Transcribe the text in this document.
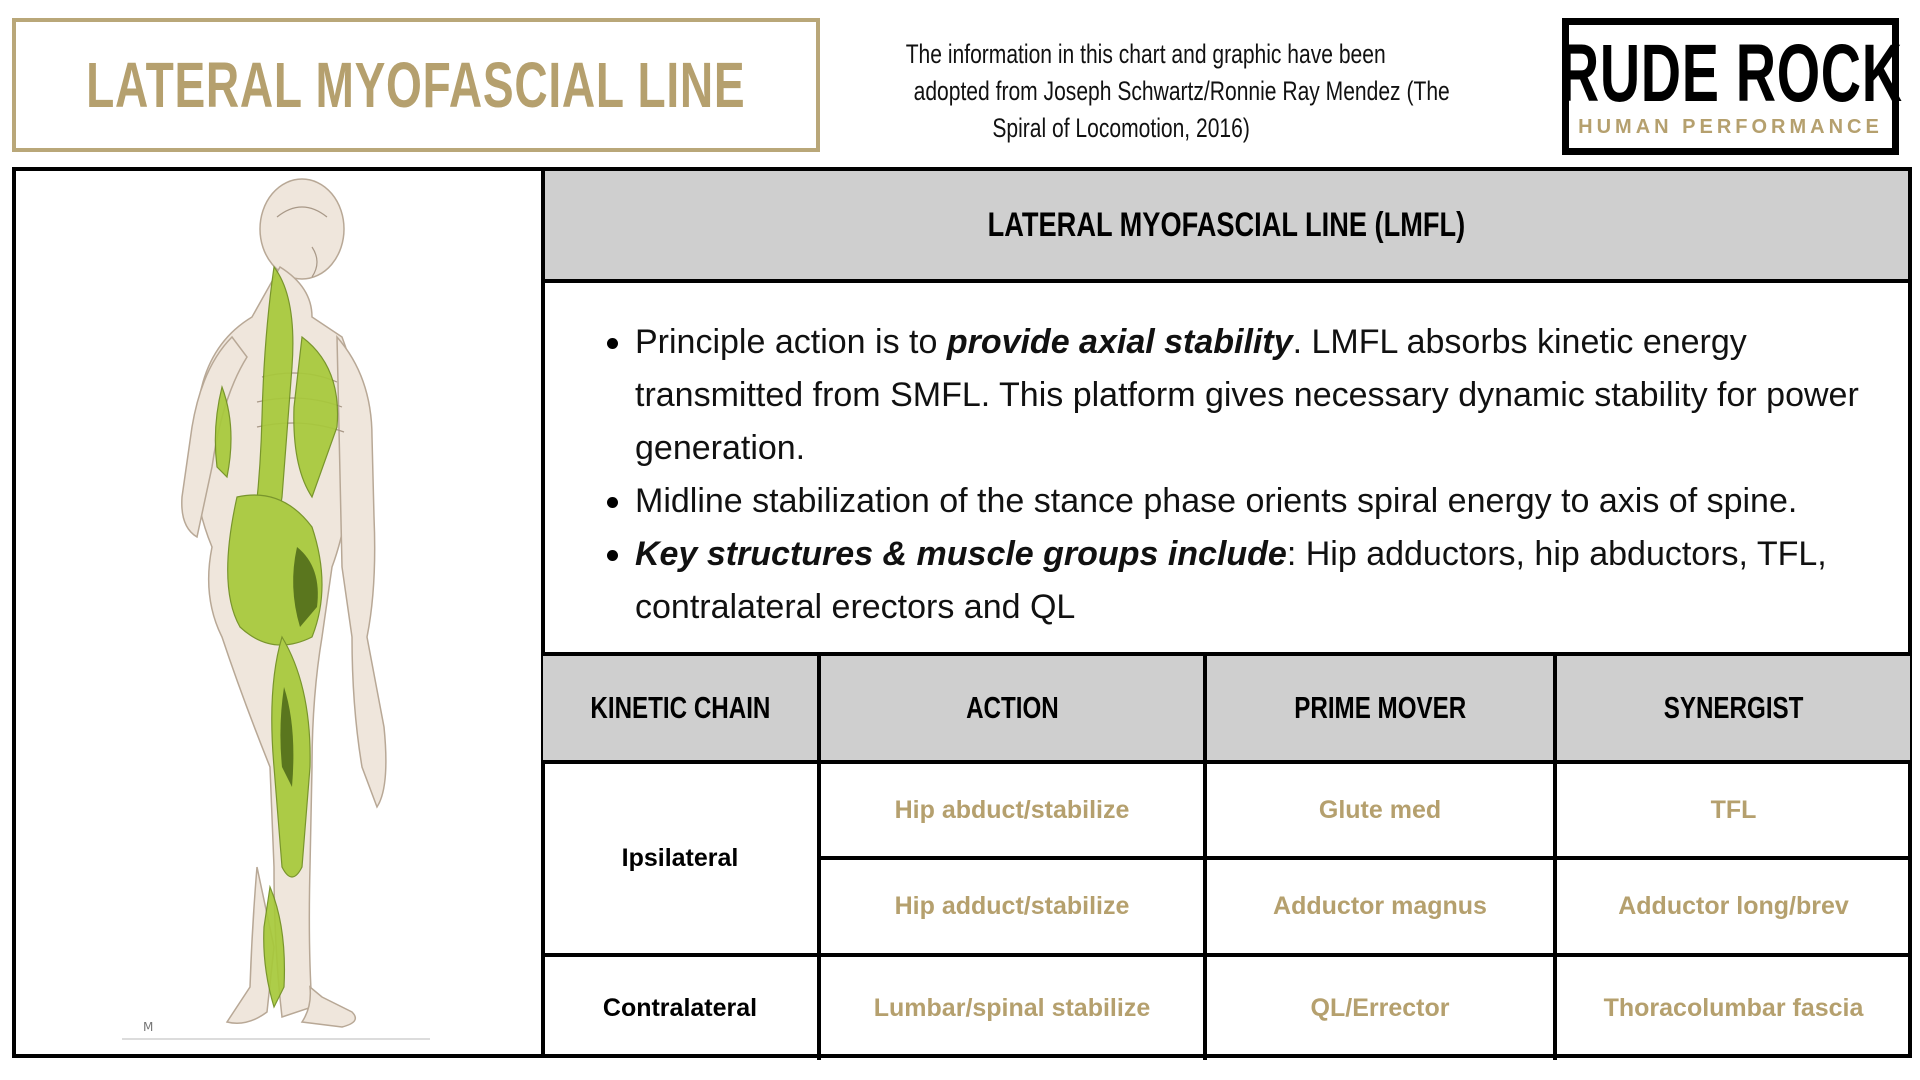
LATERAL MYOFASCIAL LINE	The information in this chart and graphic have been
adopted from Joseph Schwartz/Ronnie Ray Mendez (The
Spiral of Locomotion, 2016)
RUDE ROCK
HUMAN PERFORMANCE
M
LATERAL MYOFASCIAL LINE (LMFL)
Principle action is to provide axial stability. LMFL absorbs kinetic energy transmitted from SMFL. This platform gives necessary dynamic stability for power generation.
Midline stabilization of the stance phase orients spiral energy to axis of spine.
Key structures & muscle groups include: Hip adductors, hip abductors, TFL, contralateral erectors and QL
KINETIC CHAIN	ACTION	PRIME MOVER	SYNERGIST
Ipsilateral	Hip abduct/stabilize	Glute med	TFL
	Hip adduct/stabilize	Adductor magnus	Adductor long/brev
Contralateral	Lumbar/spinal stabilize	QL/Errector	Thoracolumbar fascia
